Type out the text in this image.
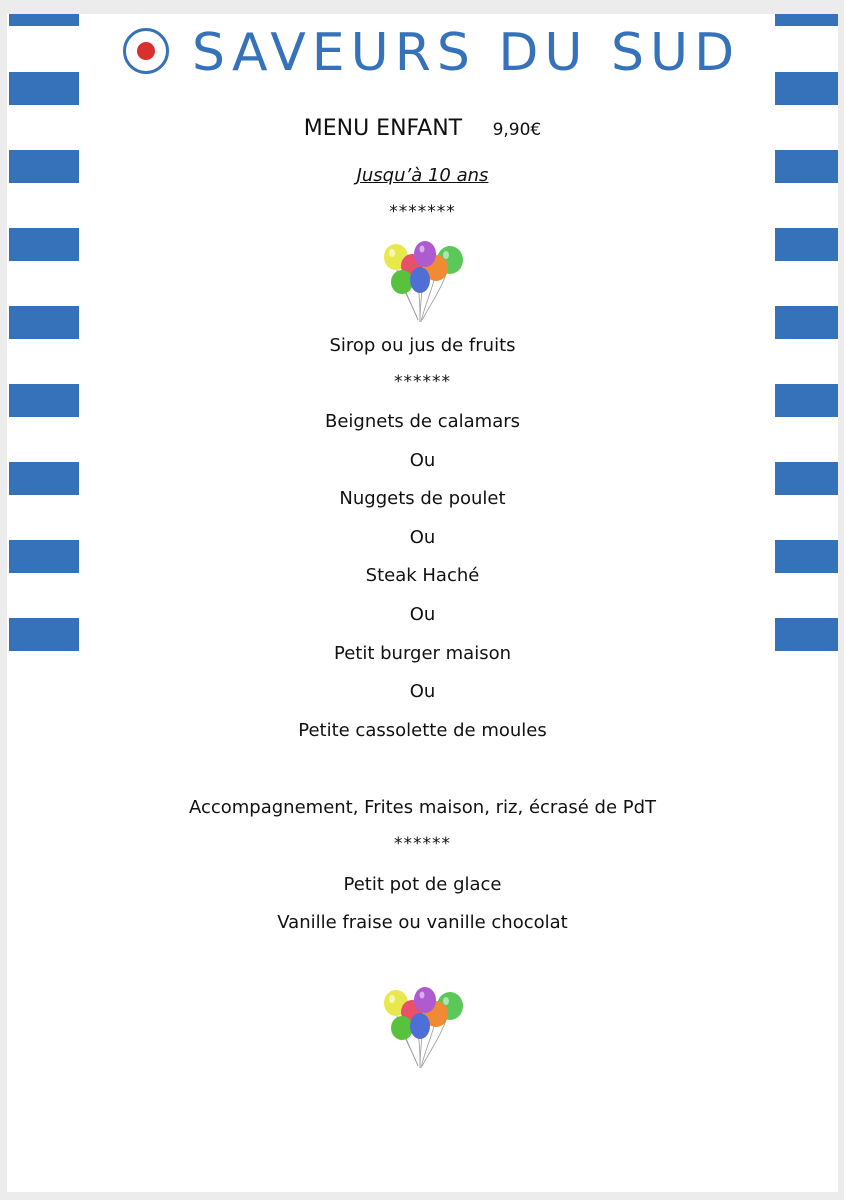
SAVEURS DU SUD
MENU ENFANT 9,90€
Jusqu’à 10 ans
*******
Sirop ou jus de fruits
******
Beignets de calamars
Ou
Nuggets de poulet
Ou
Steak Haché
Ou
Petit burger maison
Ou
Petite cassolette de moules
Accompagnement, Frites maison, riz, écrasé de PdT
******
Petit pot de glace
Vanille fraise ou vanille chocolat
